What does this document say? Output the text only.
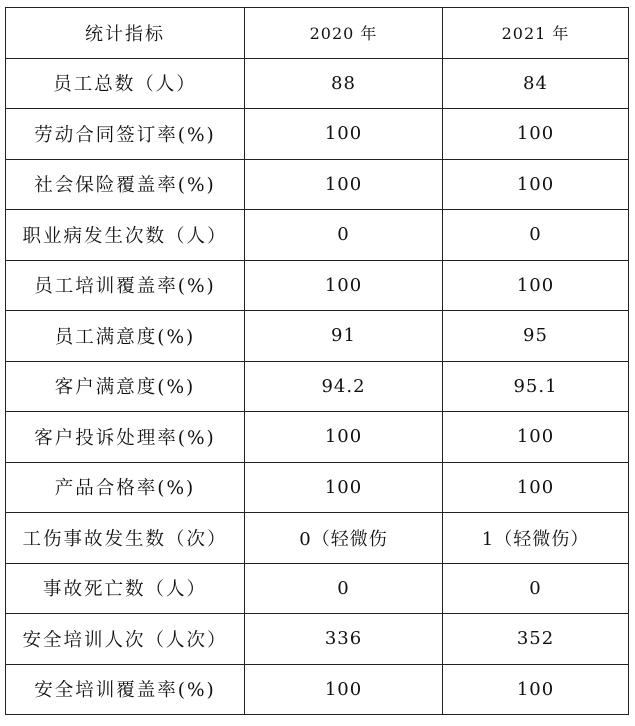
统计指标	2020 年	2021 年
员工总数（人）	88	84
劳动合同签订率(%)	100	100
社会保险覆盖率(%)	100	100
职业病发生次数（人）	0	0
员工培训覆盖率(%)	100	100
员工满意度(%)	91	95
客户满意度(%)	94.2	95.1
客户投诉处理率(%)	100	100
产品合格率(%)	100	100
工伤事故发生数（次）	0（轻微伤	1（轻微伤）
事故死亡数（人）	0	0
安全培训人次（人次）	336	352
安全培训覆盖率(%)	100	100
